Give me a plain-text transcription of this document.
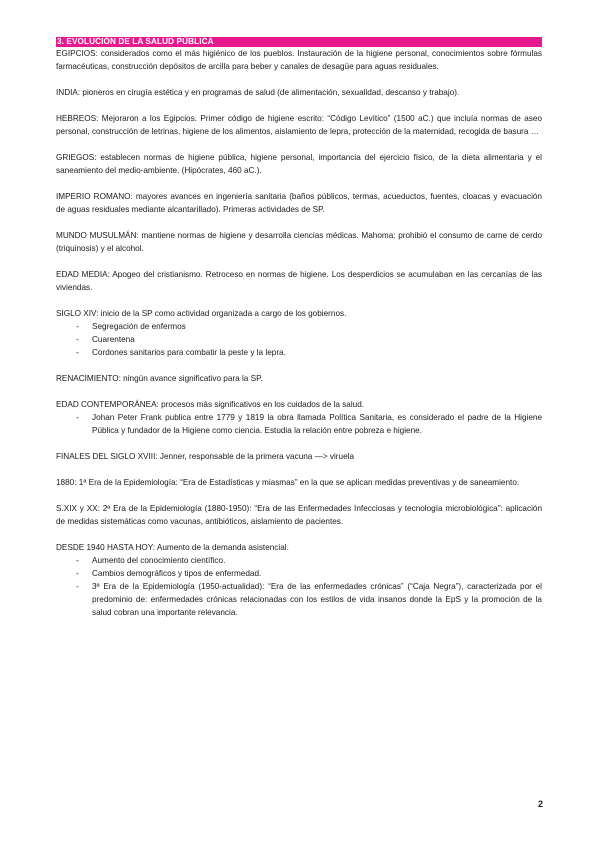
3. EVOLUCIÓN DE LA SALUD PÚBLICA

EGIPCIOS: considerados como el más higiénico de los pueblos. Instauración de la higiene personal, conocimientos sobre fórmulas farmacéuticas, construcción depósitos de arcilla para beber y canales de desagüe para aguas residuales.

INDIA: pioneros en cirugía estética y en programas de salud (de alimentación, sexualidad, descanso y trabajo).

HEBREOS: Mejoraron a los Egipcios. Primer código de higiene escrito: “Código Levítico” (1500 aC.) que incluía normas de aseo personal, construcción de letrinas, higiene de los alimentos, aislamiento de lepra, protección de la maternidad, recogida de basura …

GRIEGOS: establecen normas de higiene pública, higiene personal, importancia del ejercicio físico, de la dieta alimentaria y el saneamiento del medio-ambiente. (Hipócrates, 460 aC.).

IMPERIO ROMANO: mayores avances en ingeniería sanitaria (baños públicos, termas, acueductos, fuentes, cloacas y evacuación de aguas residuales mediante alcantarillado). Primeras actividades de SP.

MUNDO MUSULMÁN: mantiene normas de higiene y desarrolla ciencias médicas. Mahoma: prohibió el consumo de carne de cerdo (triquinosis) y el alcohol.

EDAD MEDIA: Apogeo del cristianismo. Retroceso en normas de higiene. Los desperdicios se acumulaban en las cercanías de las viviendas.

SIGLO XIV: inicio de la SP como actividad organizada a cargo de los gobiernos.

- Segregación de enfermos
- Cuarentena
- Cordones sanitarios para combatir la peste y la lepra.

RENACIMIENTO: ningún avance significativo para la SP.

EDAD CONTEMPORÁNEA: procesos más significativos en los cuidados de la salud.

- Johan Peter Frank publica entre 1779 y 1819 la obra llamada Política Sanitaria, es considerado el padre de la Higiene Pública y fundador de la Higiene como ciencia. Estudia la relación entre pobreza e higiene.

FINALES DEL SIGLO XVIII: Jenner, responsable de la primera vacuna —> viruela

1880: 1ª Era de la Epidemiología: “Era de Estadísticas y miasmas” en la que se aplican medidas preventivas y de saneamiento.

S.XIX y XX: 2ª Era de la Epidemiología (1880-1950): “Era de las Enfermedades Infecciosas y tecnología microbiológica”: aplicación de medidas sistemáticas como vacunas, antibióticos, aislamiento de pacientes.

DESDE 1940 HASTA HOY: Aumento de la demanda asistencial.

- Aumento del conocimiento científico.
- Cambios demográficos y tipos de enfermedad.
- 3ª Era de la Epidemiología (1950-actualidad): “Era de las enfermedades crónicas” (“Caja Negra”), caracterizada por el predominio de: enfermedades crónicas relacionadas con los estilos de vida insanos donde la EpS y la promoción de la salud cobran una importante relevancia.
2
